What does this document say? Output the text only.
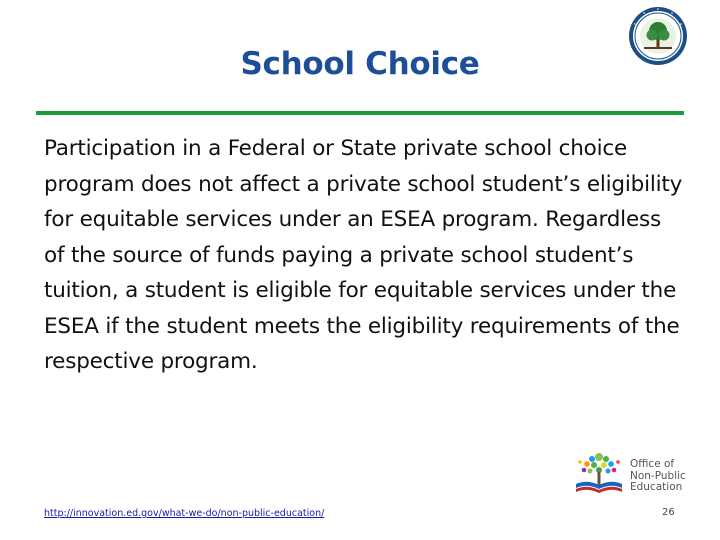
School Choice
Participation in a Federal or State private school choice program does not affect a private school student’s eligibility for equitable services under an ESEA program. Regardless of the source of funds paying a private school student’s tuition, a student is eligible for equitable services under the ESEA if the student meets the eligibility requirements of the respective program.
Office of
Non-Public
Education
http://innovation.ed.gov/what-we-do/non-public-education/	26
